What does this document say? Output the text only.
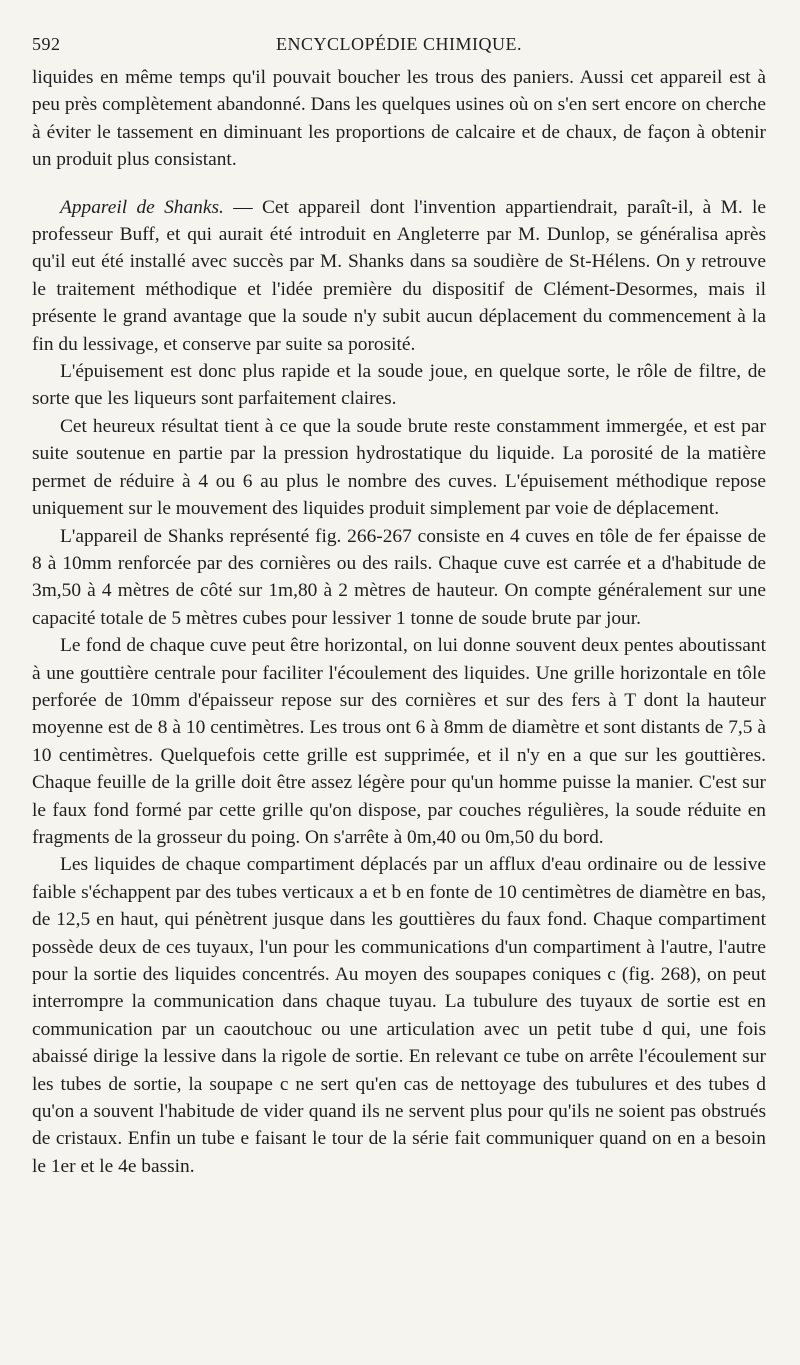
592	ENCYCLOPÉDIE CHIMIQUE.

liquides en même temps qu'il pouvait boucher les trous des paniers. Aussi cet appareil est à peu près complètement abandonné. Dans les quelques usines où on s'en sert encore on cherche à éviter le tassement en diminuant les proportions de calcaire et de chaux, de façon à obtenir un produit plus consistant.

Appareil de Shanks. — Cet appareil dont l'invention appartiendrait, paraît-il, à M. le professeur Buff, et qui aurait été introduit en Angleterre par M. Dunlop, se généralisa après qu'il eut été installé avec succès par M. Shanks dans sa soudière de St-Hélens. On y retrouve le traitement méthodique et l'idée première du dispositif de Clément-Desormes, mais il présente le grand avantage que la soude n'y subit aucun déplacement du commencement à la fin du lessivage, et conserve par suite sa porosité.

L'épuisement est donc plus rapide et la soude joue, en quelque sorte, le rôle de filtre, de sorte que les liqueurs sont parfaitement claires.

Cet heureux résultat tient à ce que la soude brute reste constamment immergée, et est par suite soutenue en partie par la pression hydrostatique du liquide. La porosité de la matière permet de réduire à 4 ou 6 au plus le nombre des cuves. L'épuisement méthodique repose uniquement sur le mouvement des liquides produit simplement par voie de déplacement.

L'appareil de Shanks représenté fig. 266-267 consiste en 4 cuves en tôle de fer épaisse de 8 à 10mm renforcée par des cornières ou des rails. Chaque cuve est carrée et a d'habitude de 3m,50 à 4 mètres de côté sur 1m,80 à 2 mètres de hauteur. On compte généralement sur une capacité totale de 5 mètres cubes pour lessiver 1 tonne de soude brute par jour.

Le fond de chaque cuve peut être horizontal, on lui donne souvent deux pentes aboutissant à une gouttière centrale pour faciliter l'écoulement des liquides. Une grille horizontale en tôle perforée de 10mm d'épaisseur repose sur des cornières et sur des fers à T dont la hauteur moyenne est de 8 à 10 centimètres. Les trous ont 6 à 8mm de diamètre et sont distants de 7,5 à 10 centimètres. Quelquefois cette grille est supprimée, et il n'y en a que sur les gouttières. Chaque feuille de la grille doit être assez légère pour qu'un homme puisse la manier. C'est sur le faux fond formé par cette grille qu'on dispose, par couches régulières, la soude réduite en fragments de la grosseur du poing. On s'arrête à 0m,40 ou 0m,50 du bord.

Les liquides de chaque compartiment déplacés par un afflux d'eau ordinaire ou de lessive faible s'échappent par des tubes verticaux a et b en fonte de 10 centimètres de diamètre en bas, de 12,5 en haut, qui pénètrent jusque dans les gouttières du faux fond. Chaque compartiment possède deux de ces tuyaux, l'un pour les communications d'un compartiment à l'autre, l'autre pour la sortie des liquides concentrés. Au moyen des soupapes coniques c (fig. 268), on peut interrompre la communication dans chaque tuyau. La tubulure des tuyaux de sortie est en communication par un caoutchouc ou une articulation avec un petit tube d qui, une fois abaissé dirige la lessive dans la rigole de sortie. En relevant ce tube on arrête l'écoulement sur les tubes de sortie, la soupape c ne sert qu'en cas de nettoyage des tubulures et des tubes d qu'on a souvent l'habitude de vider quand ils ne servent plus pour qu'ils ne soient pas obstrués de cristaux. Enfin un tube e faisant le tour de la série fait communiquer quand on en a besoin le 1er et le 4e bassin.
